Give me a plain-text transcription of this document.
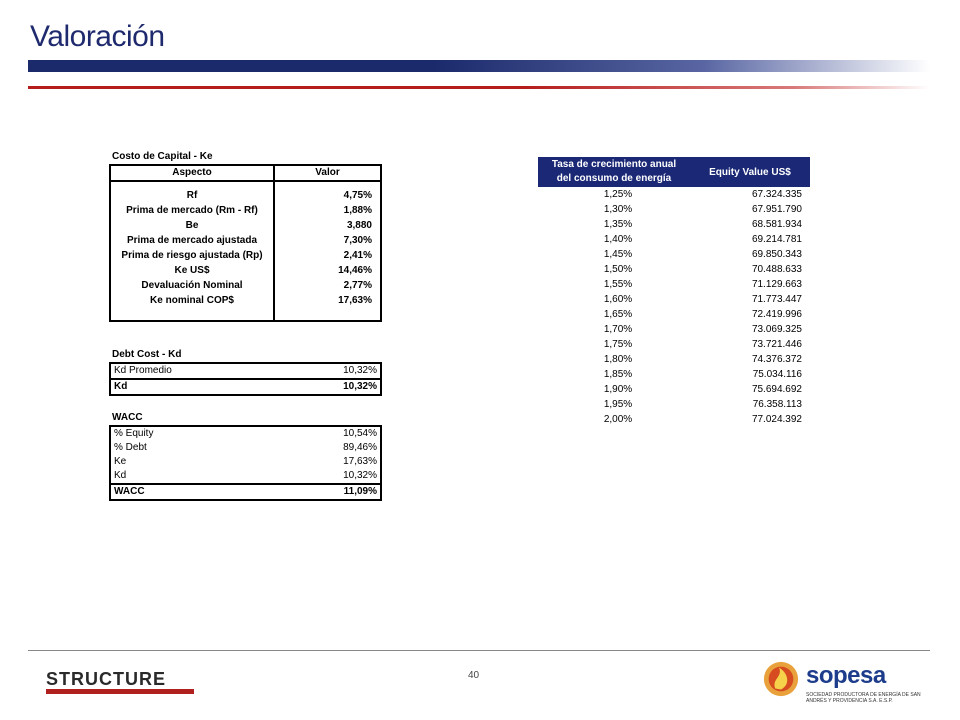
Valoración
Costo de Capital - Ke
Aspecto	Valor

Rf	4,75%
Prima de mercado (Rm - Rf)	1,88%
Be	3,880
Prima de mercado ajustada	7,30%
Prima de riesgo ajustada (Rp)	2,41%
Ke US$	14,46%
Devaluación Nominal	2,77%
Ke nominal COP$	17,63%

Debt Cost - Kd
Kd Promedio	10,32%
Kd	10,32%
WACC
% Equity	10,54%
% Debt	89,46%
Ke	17,63%
Kd	10,32%
WACC	11,09%
Tasa de crecimiento anual
del consumo de energía	Equity Value US$
1,25%	67.324.335
1,30%	67.951.790
1,35%	68.581.934
1,40%	69.214.781
1,45%	69.850.343
1,50%	70.488.633
1,55%	71.129.663
1,60%	71.773.447
1,65%	72.419.996
1,70%	73.069.325
1,75%	73.721.446
1,80%	74.376.372
1,85%	75.034.116
1,90%	75.694.692
1,95%	76.358.113
2,00%	77.024.392
40
STRUCTURE	sopesa
SOCIEDAD PRODUCTORA DE ENERGÍA DE SAN ANDRÉS Y PROVIDENCIA S.A. E.S.P.
